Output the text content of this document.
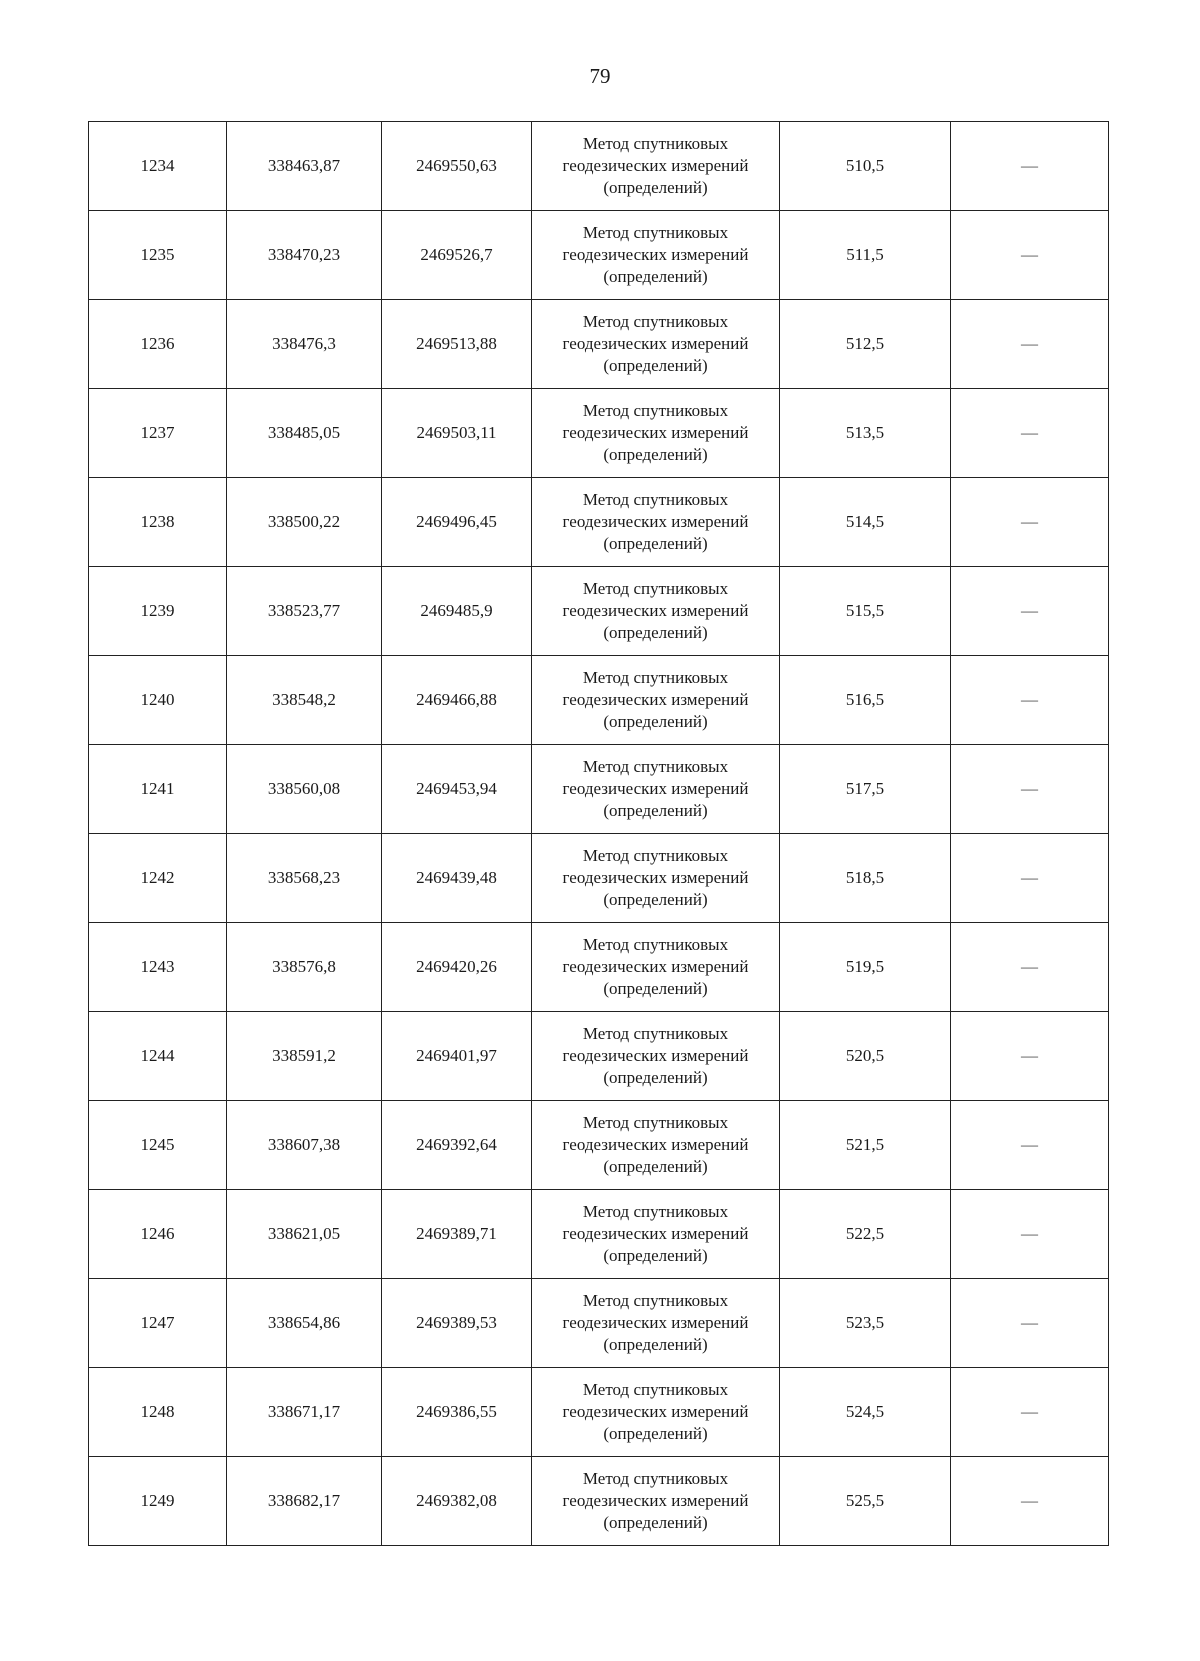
79
1234	338463,87	2469550,63	Метод спутниковых
геодезических измерений
(определений)	510,5	—
1235	338470,23	2469526,7	Метод спутниковых
геодезических измерений
(определений)	511,5	—
1236	338476,3	2469513,88	Метод спутниковых
геодезических измерений
(определений)	512,5	—
1237	338485,05	2469503,11	Метод спутниковых
геодезических измерений
(определений)	513,5	—
1238	338500,22	2469496,45	Метод спутниковых
геодезических измерений
(определений)	514,5	—
1239	338523,77	2469485,9	Метод спутниковых
геодезических измерений
(определений)	515,5	—
1240	338548,2	2469466,88	Метод спутниковых
геодезических измерений
(определений)	516,5	—
1241	338560,08	2469453,94	Метод спутниковых
геодезических измерений
(определений)	517,5	—
1242	338568,23	2469439,48	Метод спутниковых
геодезических измерений
(определений)	518,5	—
1243	338576,8	2469420,26	Метод спутниковых
геодезических измерений
(определений)	519,5	—
1244	338591,2	2469401,97	Метод спутниковых
геодезических измерений
(определений)	520,5	—
1245	338607,38	2469392,64	Метод спутниковых
геодезических измерений
(определений)	521,5	—
1246	338621,05	2469389,71	Метод спутниковых
геодезических измерений
(определений)	522,5	—
1247	338654,86	2469389,53	Метод спутниковых
геодезических измерений
(определений)	523,5	—
1248	338671,17	2469386,55	Метод спутниковых
геодезических измерений
(определений)	524,5	—
1249	338682,17	2469382,08	Метод спутниковых
геодезических измерений
(определений)	525,5	—
